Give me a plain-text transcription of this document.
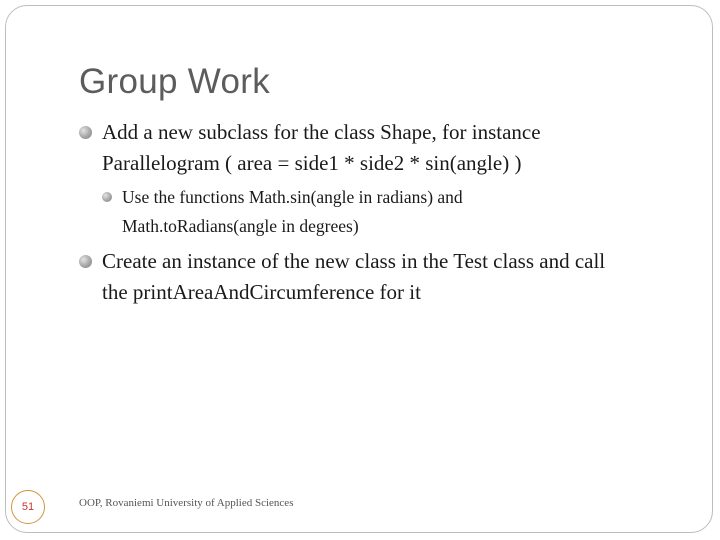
Group Work
Add a new subclass for the class Shape, for instance
Parallelogram ( area = side1 * side2 * sin(angle) )
Use the functions Math.sin(angle in radians) and
Math.toRadians(angle in degrees)
Create an instance of the new class in the Test class and call
the printAreaAndCircumference for it
51	OOP, Rovaniemi University of Applied Sciences
